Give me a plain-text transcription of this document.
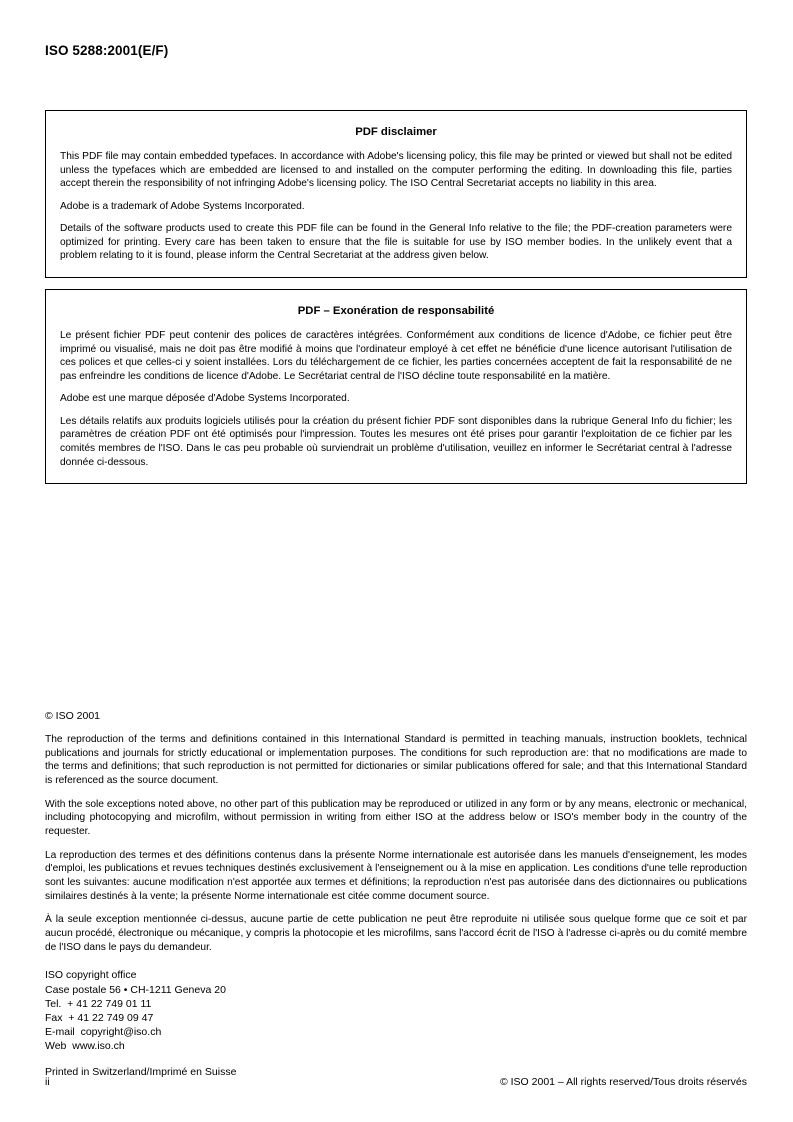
ISO 5288:2001(E/F)
PDF disclaimer

This PDF file may contain embedded typefaces. In accordance with Adobe's licensing policy, this file may be printed or viewed but shall not be edited unless the typefaces which are embedded are licensed to and installed on the computer performing the editing. In downloading this file, parties accept therein the responsibility of not infringing Adobe's licensing policy. The ISO Central Secretariat accepts no liability in this area.

Adobe is a trademark of Adobe Systems Incorporated.

Details of the software products used to create this PDF file can be found in the General Info relative to the file; the PDF-creation parameters were optimized for printing. Every care has been taken to ensure that the file is suitable for use by ISO member bodies. In the unlikely event that a problem relating to it is found, please inform the Central Secretariat at the address given below.

PDF – Exonération de responsabilité

Le présent fichier PDF peut contenir des polices de caractères intégrées. Conformément aux conditions de licence d'Adobe, ce fichier peut être imprimé ou visualisé, mais ne doit pas être modifié à moins que l'ordinateur employé à cet effet ne bénéficie d'une licence autorisant l'utilisation de ces polices et que celles-ci y soient installées. Lors du téléchargement de ce fichier, les parties concernées acceptent de fait la responsabilité de ne pas enfreindre les conditions de licence d'Adobe. Le Secrétariat central de l'ISO décline toute responsabilité en la matière.

Adobe est une marque déposée d'Adobe Systems Incorporated.

Les détails relatifs aux produits logiciels utilisés pour la création du présent fichier PDF sont disponibles dans la rubrique General Info du fichier; les paramètres de création PDF ont été optimisés pour l'impression. Toutes les mesures ont été prises pour garantir l'exploitation de ce fichier par les comités membres de l'ISO. Dans le cas peu probable où surviendrait un problème d'utilisation, veuillez en informer le Secrétariat central à l'adresse donnée ci-dessous.

© ISO 2001

The reproduction of the terms and definitions contained in this International Standard is permitted in teaching manuals, instruction booklets, technical publications and journals for strictly educational or implementation purposes. The conditions for such reproduction are: that no modifications are made to the terms and definitions; that such reproduction is not permitted for dictionaries or similar publications offered for sale; and that this International Standard is referenced as the source document.

With the sole exceptions noted above, no other part of this publication may be reproduced or utilized in any form or by any means, electronic or mechanical, including photocopying and microfilm, without permission in writing from either ISO at the address below or ISO's member body in the country of the requester.

La reproduction des termes et des définitions contenus dans la présente Norme internationale est autorisée dans les manuels d'enseignement, les modes d'emploi, les publications et revues techniques destinés exclusivement à l'enseignement ou à la mise en application. Les conditions d'une telle reproduction sont les suivantes: aucune modification n'est apportée aux termes et définitions; la reproduction n'est pas autorisée dans des dictionnaires ou publications similaires destinés à la vente; la présente Norme internationale est citée comme document source.

À la seule exception mentionnée ci-dessus, aucune partie de cette publication ne peut être reproduite ni utilisée sous quelque forme que ce soit et par aucun procédé, électronique ou mécanique, y compris la photocopie et les microfilms, sans l'accord écrit de l'ISO à l'adresse ci-après ou du comité membre de l'ISO dans le pays du demandeur.

ISO copyright office
Case postale 56 • CH-1211 Geneva 20
Tel.  + 41 22 749 01 11
Fax  + 41 22 749 09 47
E-mail  copyright@iso.ch
Web  www.iso.ch
Printed in Switzerland/Imprimé en Suisse
ii	© ISO 2001 – All rights reserved/Tous droits réservés
